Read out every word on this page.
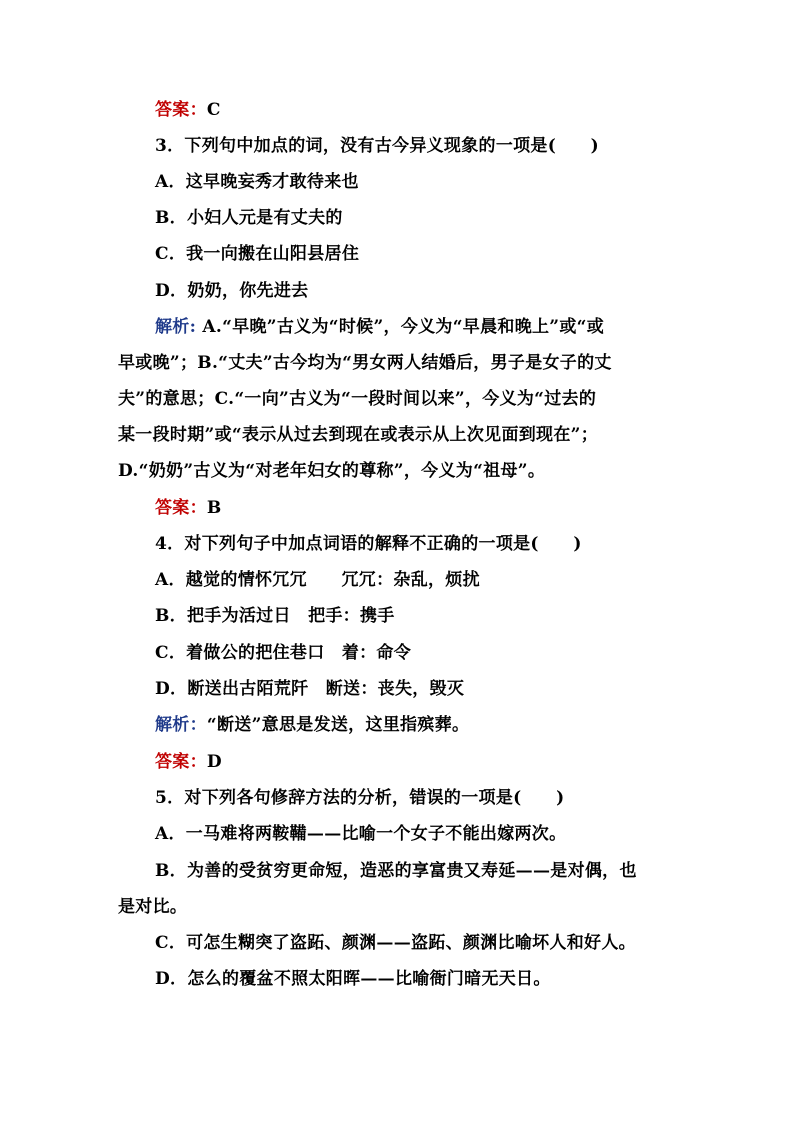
答案：C
3．下列句中加点的词，没有古今异义现象的一项是(　　)
A．这早晚妄秀才敢待来也
B．小妇人元是有丈夫的
C．我一向搬在山阳县居住
D．奶奶，你先进去
解析: A.“早晚”古义为“时候”，今义为“早晨和晚上”或“或
早或晚”；B.“丈夫”古今均为“男女两人结婚后，男子是女子的丈
夫”的意思；C.“一向”古义为“一段时间以来”，今义为“过去的
某一段时期”或“表示从过去到现在或表示从上次见面到现在”；
D.“奶奶”古义为“对老年妇女的尊称”，今义为“祖母”。
答案：B
4．对下列句子中加点词语的解释不正确的一项是(　　)
A．越觉的情怀冗冗　　冗冗：杂乱，烦扰
B．把手为活过日　把手：携手
C．着做公的把住巷口　着：命令
D．断送出古陌荒阡　断送：丧失，毁灭
解析：“断送”意思是发送，这里指殡葬。
答案：D
5．对下列各句修辞方法的分析，错误的一项是(　　)
A．一马难将两鞍鞴——比喻一个女子不能出嫁两次。
B．为善的受贫穷更命短，造恶的享富贵又寿延——是对偶，也
是对比。
C．可怎生糊突了盗跖、颜渊——盗跖、颜渊比喻坏人和好人。
D．怎么的覆盆不照太阳晖——比喻衙门暗无天日。
